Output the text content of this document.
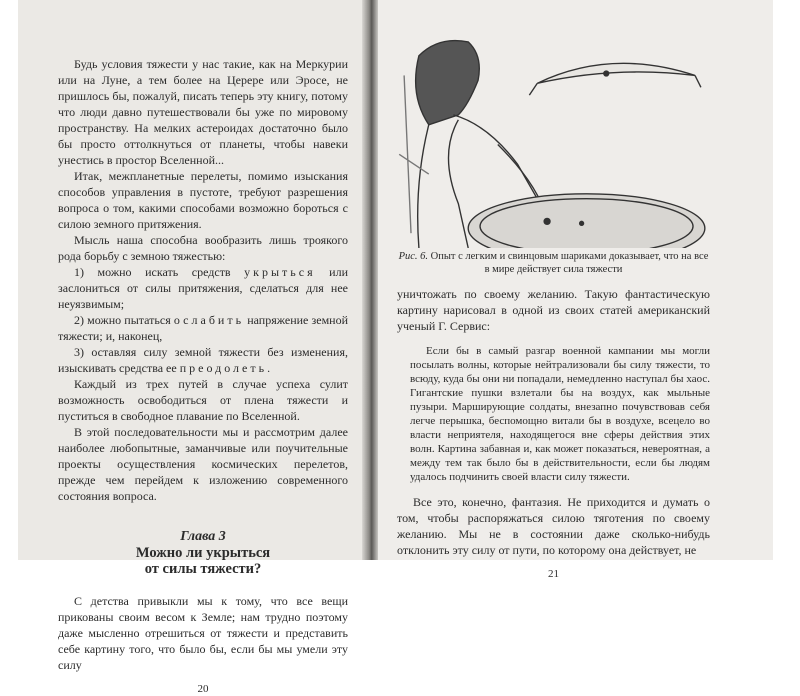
Будь условия тяжести у нас такие, как на Меркурии или на Луне, а тем более на Церере или Эросе, не пришлось бы, пожалуй, писать теперь эту книгу, потому что люди давно путешествовали бы уже по мировому пространству. На мелких астероидах достаточно было бы просто оттолкнуться от планеты, чтобы навеки унестись в простор Вселенной...

Итак, межпланетные перелеты, помимо изыскания способов управления в пустоте, требуют разрешения вопроса о том, какими способами возможно бороться с силою земного притяжения.

Мысль наша способна вообразить лишь троякого рода борьбу с земною тяжестью:

1) можно искать средств укрыться или заслониться от силы притяжения, сделаться для нее неуязвимым;

2) можно пытаться ослабить напряжение земной тяжести; и, наконец,

3) оставляя силу земной тяжести без изменения, изыскивать средства ее преодолеть.

Каждый из трех путей в случае успеха сулит возможность освободиться от плена тяжести и пуститься в свободное плавание по Вселенной.

В этой последовательности мы и рассмотрим далее наиболее любопытные, заманчивые или поучительные проекты осуществления космических перелетов, прежде чем перейдем к изложению современного состояния вопроса.

Глава 3
Можно ли укрыться
от силы тяжести?

С детства привыкли мы к тому, что все вещи прикованы своим весом к Земле; нам трудно поэтому даже мысленно отрешиться от тяжести и представить себе картину того, что было бы, если бы мы умели эту силу

20
Рис. 6. Опыт с легким и свинцовым шариками доказывает, что на все в мире действует сила тяжести

уничтожать по своему желанию. Такую фантастическую картину нарисовал в одной из своих статей американский ученый Г. Сервис:

Если бы в самый разгар военной кампании мы могли посылать волны, которые нейтрализовали бы силу тяжести, то всюду, куда бы они ни попадали, немедленно наступал бы хаос. Гигантские пушки взлетали бы на воздух, как мыльные пузыри. Марширующие солдаты, внезапно почувствовав себя легче перышка, беспомощно витали бы в воздухе, всецело во власти неприятеля, находящегося вне сферы действия этих волн. Картина забавная и, как может показаться, невероятная, а между тем так было бы в действительности, если бы людям удалось подчинить своей власти силу тяжести.

Все это, конечно, фантазия. Не приходится и думать о том, чтобы распоряжаться силою тяготения по своему желанию. Мы не в состоянии даже сколько-нибудь отклонить эту силу от пути, по которому она действует, не

21
